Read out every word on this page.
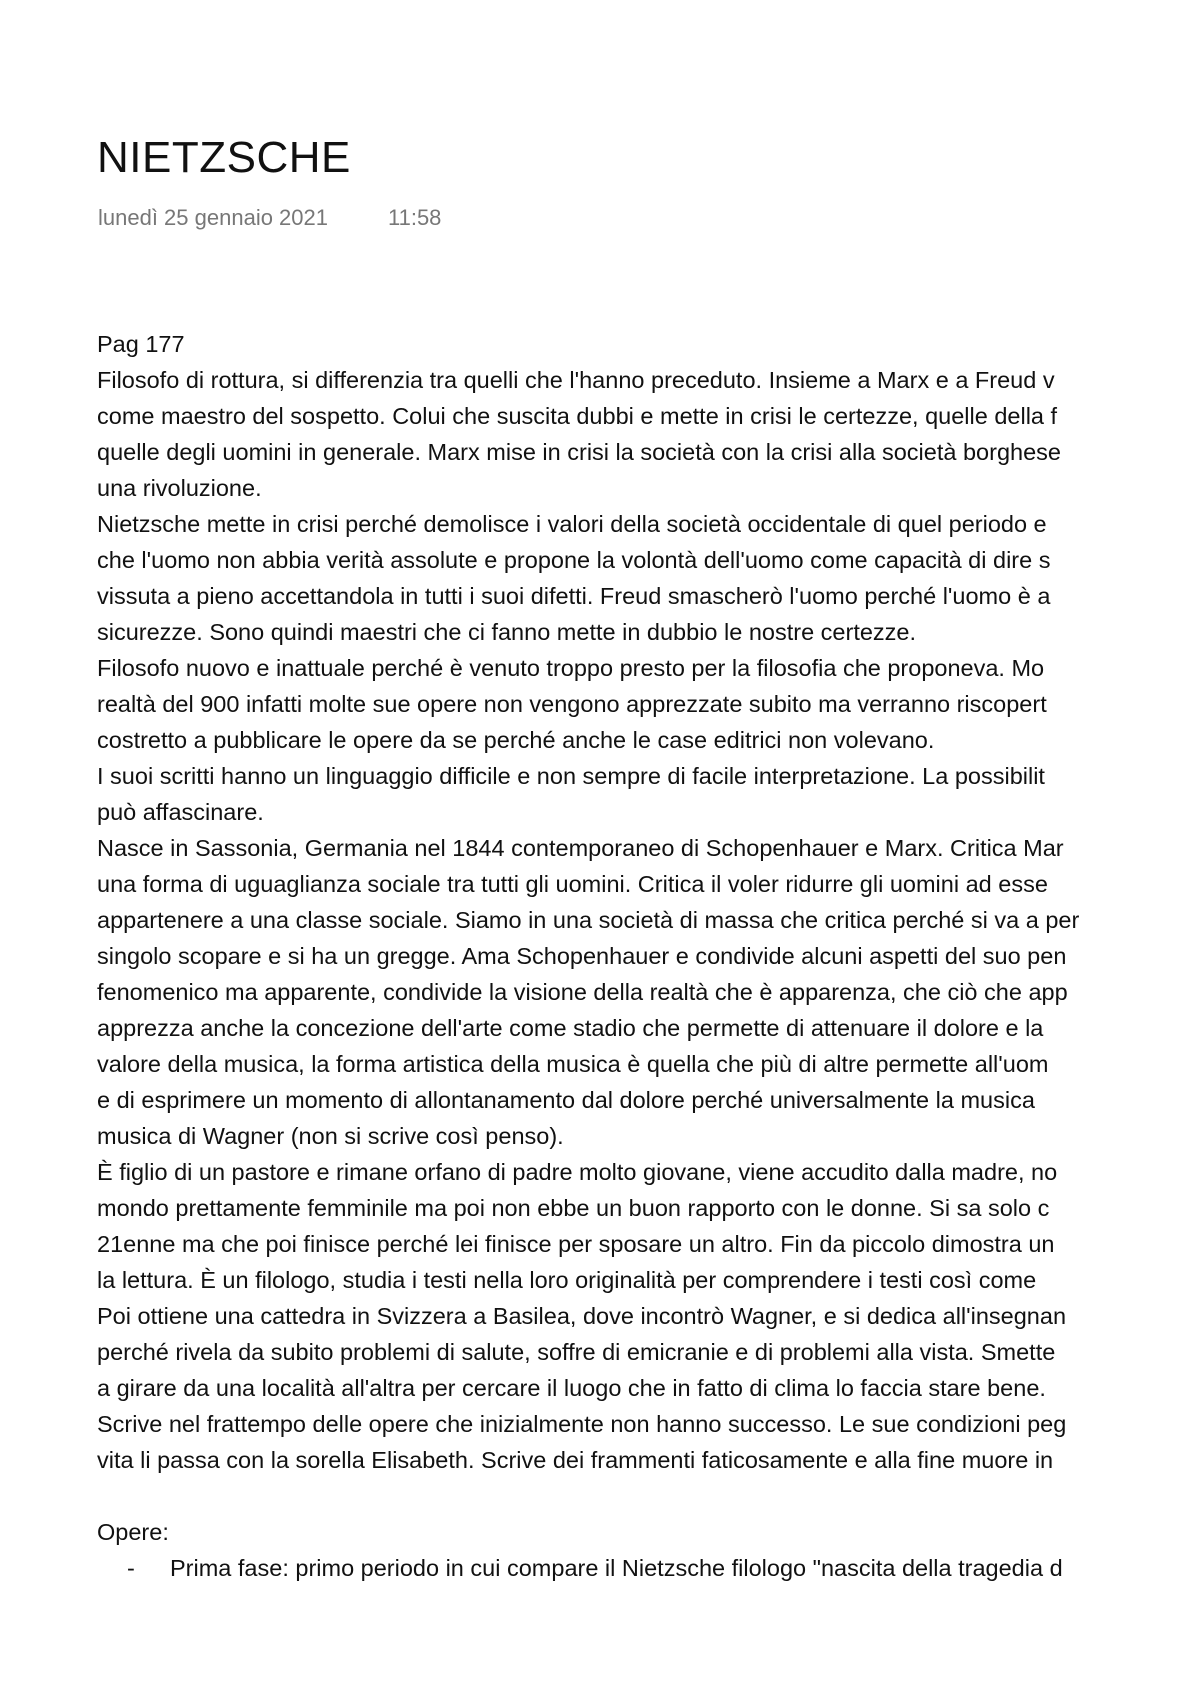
NIETZSCHE
lunedì 25 gennaio 2021	11:58
Pag 177
Filosofo di rottura, si differenzia tra quelli che l'hanno preceduto. Insieme a Marx e a Freud v
come maestro del sospetto. Colui che suscita dubbi e mette in crisi le certezze, quelle della f
quelle degli uomini in generale. Marx mise in crisi la società con la crisi alla società borghese
una rivoluzione.
Nietzsche mette in crisi perché demolisce i valori della società occidentale di quel periodo e
che l'uomo non abbia verità assolute e propone la volontà dell'uomo come capacità di dire s
vissuta a pieno accettandola in tutti i suoi difetti. Freud smascherò l'uomo perché l'uomo è a
sicurezze. Sono quindi maestri che ci fanno mette in dubbio le nostre certezze.
Filosofo nuovo e inattuale perché è venuto troppo presto per la filosofia che proponeva. Mo
realtà del 900 infatti molte sue opere non vengono apprezzate subito ma verranno riscopert
costretto a pubblicare le opere da se perché anche le case editrici non volevano.
I suoi scritti hanno un linguaggio difficile e non sempre di facile interpretazione. La possibilit
può affascinare.
Nasce in Sassonia, Germania nel 1844 contemporaneo di Schopenhauer e Marx. Critica Mar
una forma di uguaglianza sociale tra tutti gli uomini. Critica il voler ridurre gli uomini ad esse
appartenere a una classe sociale. Siamo in una società di massa che critica perché si va a per
singolo scopare e si ha un gregge. Ama Schopenhauer e condivide alcuni aspetti del suo pen
fenomenico ma apparente, condivide la visione della realtà che è apparenza, che ciò che app
apprezza anche la concezione dell'arte come stadio che permette di attenuare il dolore e la
valore della musica, la forma artistica della musica è quella che più di altre permette all'uom
e di esprimere un momento di allontanamento dal dolore perché universalmente la musica
musica di Wagner (non si scrive così penso).
È figlio di un pastore e rimane orfano di padre molto giovane, viene accudito dalla madre, no
mondo prettamente femminile ma poi non ebbe un buon rapporto con le donne. Si sa solo c
21enne ma che poi finisce perché lei finisce per sposare un altro. Fin da piccolo dimostra un
la lettura. È un filologo, studia i testi nella loro originalità per comprendere i testi così come
Poi ottiene una cattedra in Svizzera a Basilea, dove incontrò Wagner, e si dedica all'insegnan
perché rivela da subito problemi di salute, soffre di emicranie e di problemi alla vista. Smette
a girare da una località all'altra per cercare il luogo che in fatto di clima lo faccia stare bene.
Scrive nel frattempo delle opere che inizialmente non hanno successo. Le sue condizioni peg
vita li passa con la sorella Elisabeth. Scrive dei frammenti faticosamente e alla fine muore in
Opere:
- Prima fase: primo periodo in cui compare il Nietzsche filologo "nascita della tragedia d
